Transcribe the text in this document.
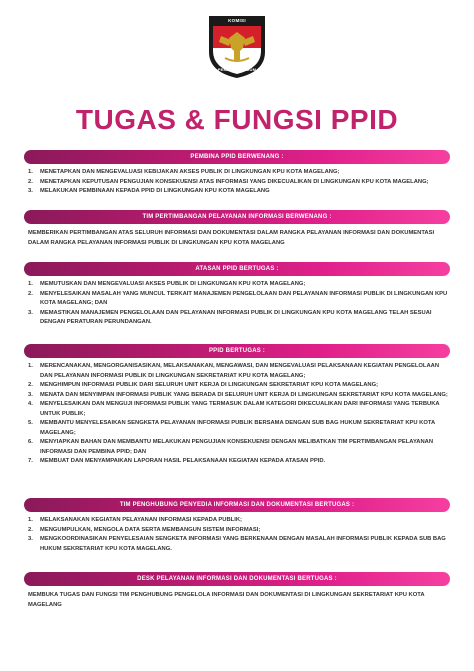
KOMISI
PEMILIHAN UMUM
TUGAS & FUNGSI PPID
PEMBINA PPID BERWENANG :
1.	MENETAPKAN DAN MENGEVALUASI KEBIJAKAN AKSES PUBLIK DI LINGKUNGAN KPU KOTA MAGELANG;
2.	MENETAPKAN KEPUTUSAN PENGUJIAN KONSEKUENSI ATAS INFORMASI YANG DIKECUALIKAN DI LINGKUNGAN KPU KOTA MAGELANG;
3.	MELAKUKAN PEMBINAAN KEPADA PPID DI LINGKUNGAN KPU KOTA MAGELANG
TIM PERTIMBANGAN PELAYANAN INFORMASI BERWENANG :
MEMBERIKAN PERTIMBANGAN ATAS SELURUH INFORMASI DAN DOKUMENTASI DALAM RANGKA PELAYANAN INFORMASI DAN DOKUMENTASI DALAM RANGKA PELAYANAN INFORMASI PUBLIK DI LINGKUNGAN KPU KOTA MAGELANG
ATASAN PPID BERTUGAS :
1.	MEMUTUSKAN DAN MENGEVALUASI AKSES PUBLIK DI LINGKUNGAN KPU KOTA MAGELANG;
2.	MENYELESAIKAN MASALAH YANG MUNCUL TERKAIT MANAJEMEN PENGELOLAAN DAN PELAYANAN INFORMASI PUBLIK DI LINGKUNGAN KPU KOTA MAGELANG; DAN
3.	MEMASTIKAN MANAJEMEN PENGELOLAAN DAN PELAYANAN INFORMASI PUBLIK DI LINGKUNGAN KPU KOTA MAGELANG TELAH SESUAI DENGAN PERATURAN PERUNDANGAN.
PPID BERTUGAS :
1.	MERENCANAKAN, MENGORGANISASIKAN, MELAKSANAKAN, MENGAWASI, DAN MENGEVALUASI PELAKSANAAN KEGIATAN PENGELOLAAN DAN PELAYANAN INFORMASI PUBLIK DI LINGKUNGAN SEKRETARIAT KPU KOTA MAGELANG;
2.	MENGHIMPUN INFORMASI PUBLIK DARI SELURUH UNIT KERJA DI LINGKUNGAN SEKRETARIAT KPU KOTA MAGELANG;
3.	MENATA DAN MENYIMPAN INFORMASI PUBLIK YANG BERADA DI SELURUH UNIT KERJA DI LINGKUNGAN SEKRETARIAT KPU KOTA MAGELANG;
4.	MENYELESAIKAN DAN MENGUJI INFORMASI PUBLIK YANG TERMASUK DALAM KATEGORI DIKECUALIKAN DARI INFORMASI YANG TERBUKA UNTUK PUBLIK;
5.	MEMBANTU MENYELESAIKAN SENGKETA PELAYANAN INFORMASI PUBLIK BERSAMA DENGAN SUB BAG HUKUM SEKRETARIAT KPU KOTA MAGELANG;
6.	MENYIAPKAN BAHAN DAN MEMBANTU MELAKUKAN PENGUJIAN KONSEKUENSI DENGAN MELIBATKAN TIM PERTIMBANGAN PELAYANAN INFORMASI DAN PEMBINA PPID; DAN
7.	MEMBUAT DAN MENYAMPAIKAN LAPORAN HASIL PELAKSANAAN KEGIATAN KEPADA ATASAN PPID.
TIM PENGHUBUNG PENYEDIA INFORMASI DAN DOKUMENTASI BERTUGAS :
1.	MELAKSANAKAN KEGIATAN PELAYANAN INFORMASI KEPADA PUBLIK;
2.	MENGUMPULKAN, MENGOLA DATA SERTA MEMBANGUN SISTEM INFORMASI;
3.	MENGKOORDINASIKAN PENYELESAIAN SENGKETA INFORMASI YANG BERKENAAN DENGAN MASALAH INFORMASI PUBLIK KEPADA SUB BAG HUKUM SEKRETARIAT KPU KOTA MAGELANG.
DESK PELAYANAN INFORMASI DAN DOKUMENTASI BERTUGAS :
MEMBUKA TUGAS DAN FUNGSI TIM PENGHUBUNG PENGELOLA INFORMASI DAN DOKUMENTASI DI LINGKUNGAN SEKRETARIAT KPU KOTA MAGELANG
